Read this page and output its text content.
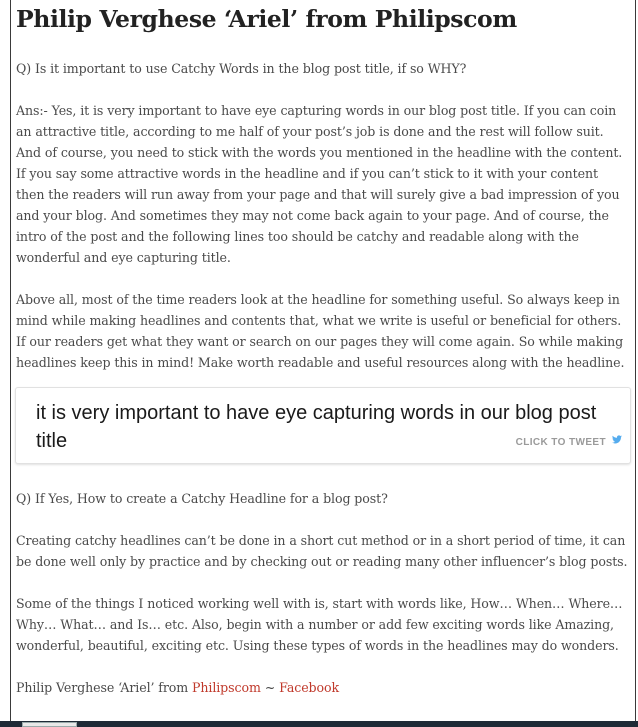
Philip Verghese ‘Ariel’ from Philipscom

Q) Is it important to use Catchy Words in the blog post title, if so WHY?

Ans:- Yes, it is very important to have eye capturing words in our blog post title. If you can coin an attractive title, according to me half of your post’s job is done and the rest will follow suit. And of course, you need to stick with the words you mentioned in the headline with the content. If you say some attractive words in the headline and if you can’t stick to it with your content then the readers will run away from your page and that will surely give a bad impression of you and your blog. And sometimes they may not come back again to your page. And of course, the intro of the post and the following lines too should be catchy and readable along with the wonderful and eye capturing title.

Above all, most of the time readers look at the headline for something useful. So always keep in mind while making headlines and contents that, what we write is useful or beneficial for others. If our readers get what they want or search on our pages they will come again. So while making headlines keep this in mind! Make worth readable and useful resources along with the headline.

it is very important to have eye capturing words in our blog post title	CLICK TO TWEET

Q) If Yes, How to create a Catchy Headline for a blog post?

Creating catchy headlines can’t be done in a short cut method or in a short period of time, it can be done well only by practice and by checking out or reading many other influencer’s blog posts.

Some of the things I noticed working well with is, start with words like, How… When… Where… Why… What… and Is… etc. Also, begin with a number or add few exciting words like Amazing, wonderful, beautiful, exciting etc. Using these types of words in the headlines may do wonders.

Philip Verghese ‘Ariel’ from Philipscom ~ Facebook
